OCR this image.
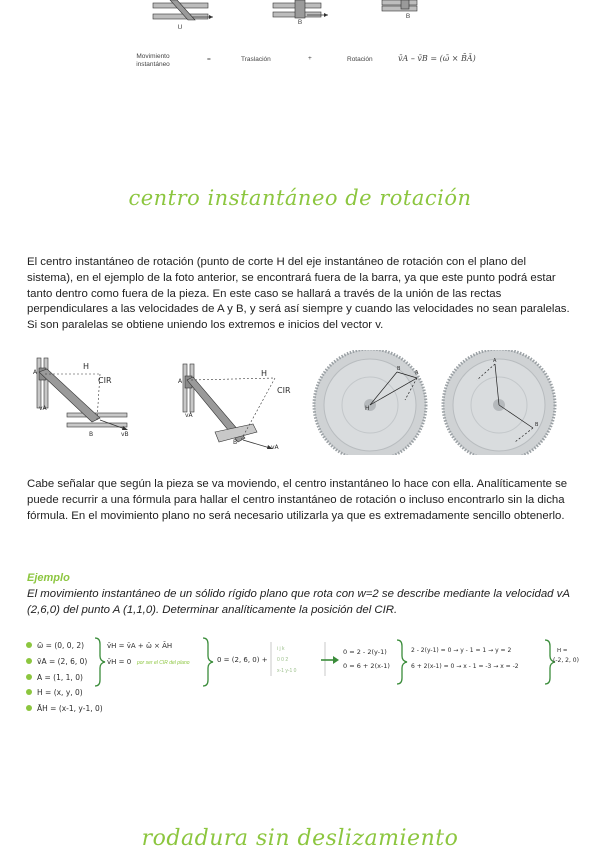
U
B
B
Movimiento
instantáneo
=	Traslación	+	Rotación	v̄A – v̄B = (ω̄ × B̄Ā)
centro instantáneo de rotación
El centro instantáneo de rotación (punto de corte H del eje instantáneo de rotación con el plano del sistema), en el ejemplo de la foto anterior, se encontrará fuera de la barra, ya que este punto podrá estar tanto dentro como fuera de la pieza. En este caso se hallará a través de la unión de las rectas perpendiculares a las velocidades de A y B, y será así siempre y cuando las velocidades no sean paralelas. Si son paralelas se obtiene uniendo los extremos e inicios del vector v.
A
H
CIR
B
vA
vB
A
H
CIR
B
vA
vA
H
B
A
A
B
Cabe señalar que según la pieza se va moviendo, el centro instantáneo lo hace con ella. Analíticamente se puede recurrir a una fórmula para hallar el centro instantáneo de rotación o incluso encontrarlo sin la dicha fórmula. En el movimiento plano no será necesario utilizarla ya que es extremadamente sencillo obtenerlo.
Ejemplo
El movimiento instantáneo de un sólido rígido plano que rota con w=2 se describe mediante la velocidad vA (2,6,0) del punto A (1,1,0). Determinar analíticamente la posición del CIR.
ω̄ = (0, 0, 2)
v̄A = (2, 6, 0)
A = (1, 1, 0)
H = (x, y, 0)
ĀH = (x-1, y-1, 0)
v̄H = v̄A + ω̄ × ĀH
v̄H = 0 por ser el CIR del plano	0 = (2, 6, 0) +
i j k
0 0 2
x-1 y-1 0
0 = 2 - 2(y-1)
0 = 6 + 2(x-1)
2 - 2(y-1) = 0 → y - 1 = 1 → y = 2
6 + 2(x-1) = 0 → x - 1 = -3 → x = -2
H =
(-2, 2, 0)
rodadura sin deslizamiento
